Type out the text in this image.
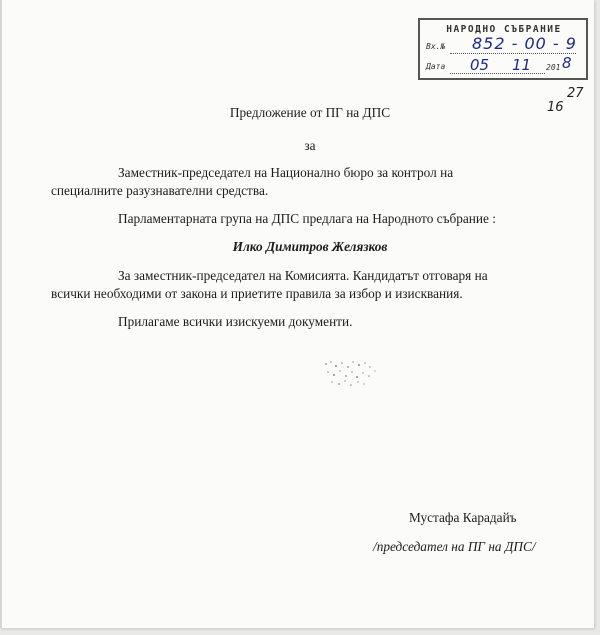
НАРОДНО СЪБРАНИЕ
Вх.№ 852 - 00 - 9
Дата 05 11 201 8
27
16
Предложение от ПГ на ДПС
за
Заместник-председател на Национално бюро за контрол на
специалните разузнавателни средства.
Парламентарната група на ДПС предлага на Народното събрание :
Илко Димитров Желязков
За заместник-председател на Комисията. Кандидатът отговаря на
всички необходими от закона и приетите правила за избор и изисквания.
Прилагаме всички изискуеми документи.
Мустафа Карадайъ
/председател на ПГ на ДПС/
